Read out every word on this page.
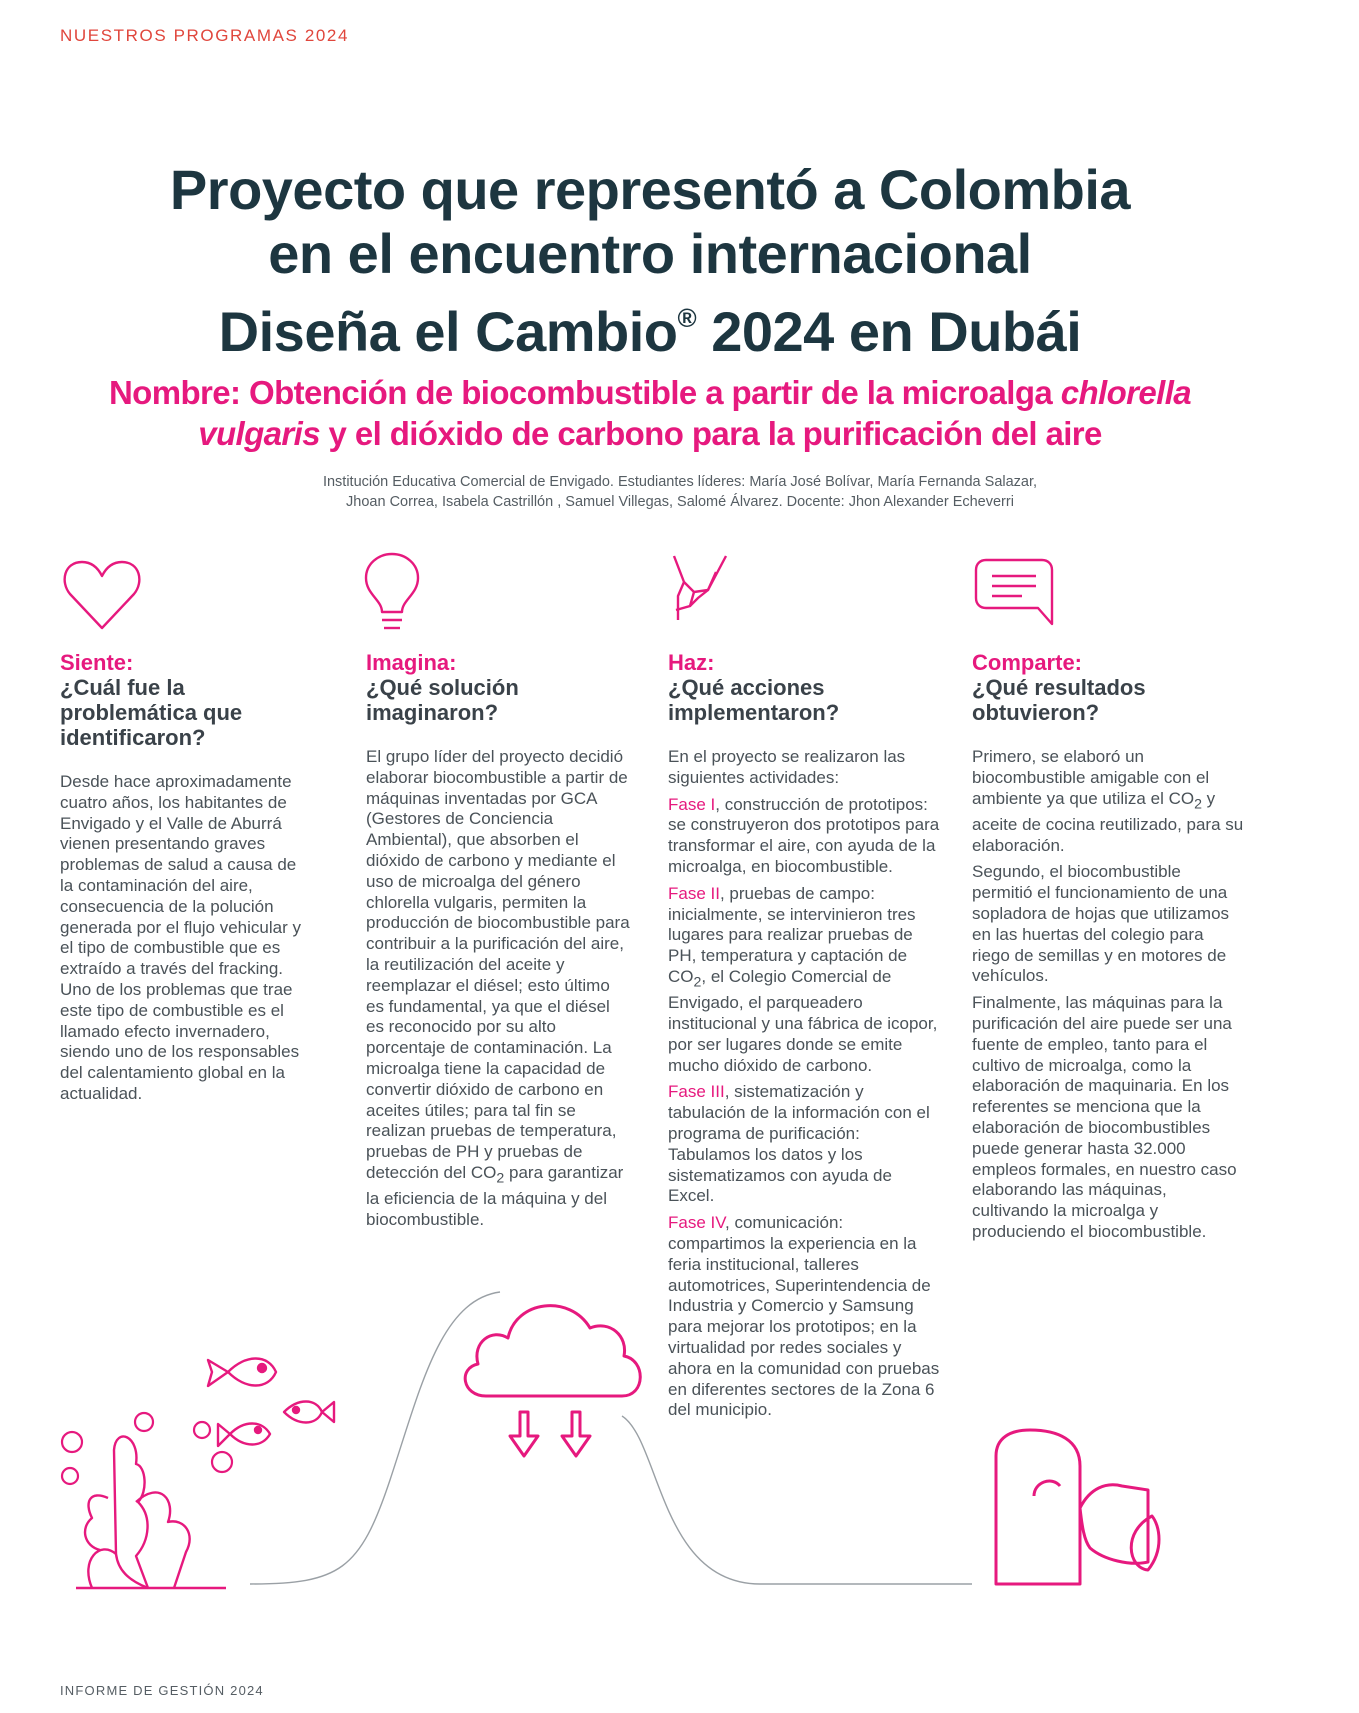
NUESTROS PROGRAMAS 2024
Proyecto que representó a Colombia
en el encuentro internacional
Diseña el Cambio® 2024 en Dubái
Nombre: Obtención de biocombustible a partir de la microalga chlorella vulgaris y el dióxido de carbono para la purificación del aire
Institución Educativa Comercial de Envigado. Estudiantes líderes: María José Bolívar, María Fernanda Salazar,
Jhoan Correa, Isabela Castrillón , Samuel Villegas, Salomé Álvarez. Docente: Jhon Alexander Echeverri
Siente:
¿Cuál fue la problemática que identificaron?

Desde hace aproximadamente cuatro años, los habitantes de Envigado y el Valle de Aburrá vienen presentando graves problemas de salud a causa de la contaminación del aire, consecuencia de la polución generada por el flujo vehicular y el tipo de combustible que es extraído a través del fracking. Uno de los problemas que trae este tipo de combustible es el llamado efecto invernadero, siendo uno de los responsables del calentamiento global en la actualidad.

Imagina:
¿Qué solución imaginaron?

El grupo líder del proyecto decidió elaborar biocombustible a partir de máquinas inventadas por GCA (Gestores de Conciencia Ambiental), que absorben el dióxido de carbono y mediante el uso de microalga del género chlorella vulgaris, permiten la producción de biocombustible para contribuir a la purificación del aire, la reutilización del aceite y reemplazar el diésel; esto último es fundamental, ya que el diésel es reconocido por su alto porcentaje de contaminación. La microalga tiene la capacidad de convertir dióxido de carbono en aceites útiles; para tal fin se realizan pruebas de temperatura, pruebas de PH y pruebas de detección del $CO_2$ para garantizar la eficiencia de la máquina y del biocombustible.

Haz:
¿Qué acciones implementaron?

En el proyecto se realizaron las siguientes actividades:

Fase I, construcción de prototipos: se construyeron dos prototipos para transformar el aire, con ayuda de la microalga, en biocombustible.

Fase II, pruebas de campo: inicialmente, se intervinieron tres lugares para realizar pruebas de PH, temperatura y captación de $CO_2$, el Colegio Comercial de Envigado, el parqueadero institucional y una fábrica de icopor, por ser lugares donde se emite mucho dióxido de carbono.

Fase III, sistematización y tabulación de la información con el programa de purificación: Tabulamos los datos y los sistematizamos con ayuda de Excel.

Fase IV, comunicación: compartimos la experiencia en la feria institucional, talleres automotrices, Superintendencia de Industria y Comercio y Samsung para mejorar los prototipos; en la virtualidad por redes sociales y ahora en la comunidad con pruebas en diferentes sectores de la Zona 6 del municipio.

Comparte:
¿Qué resultados obtuvieron?

Primero, se elaboró un biocombustible amigable con el ambiente ya que utiliza el $CO_2$ y aceite de cocina reutilizado, para su elaboración.

Segundo, el biocombustible permitió el funcionamiento de una sopladora de hojas que utilizamos en las huertas del colegio para riego de semillas y en motores de vehículos.

Finalmente, las máquinas para la purificación del aire puede ser una fuente de empleo, tanto para el cultivo de microalga, como la elaboración de maquinaria. En los referentes se menciona que la elaboración de biocombustibles puede generar hasta 32.000 empleos formales, en nuestro caso elaborando las máquinas, cultivando la microalga y produciendo el biocombustible.

INFORME DE GESTIÓN 2024
